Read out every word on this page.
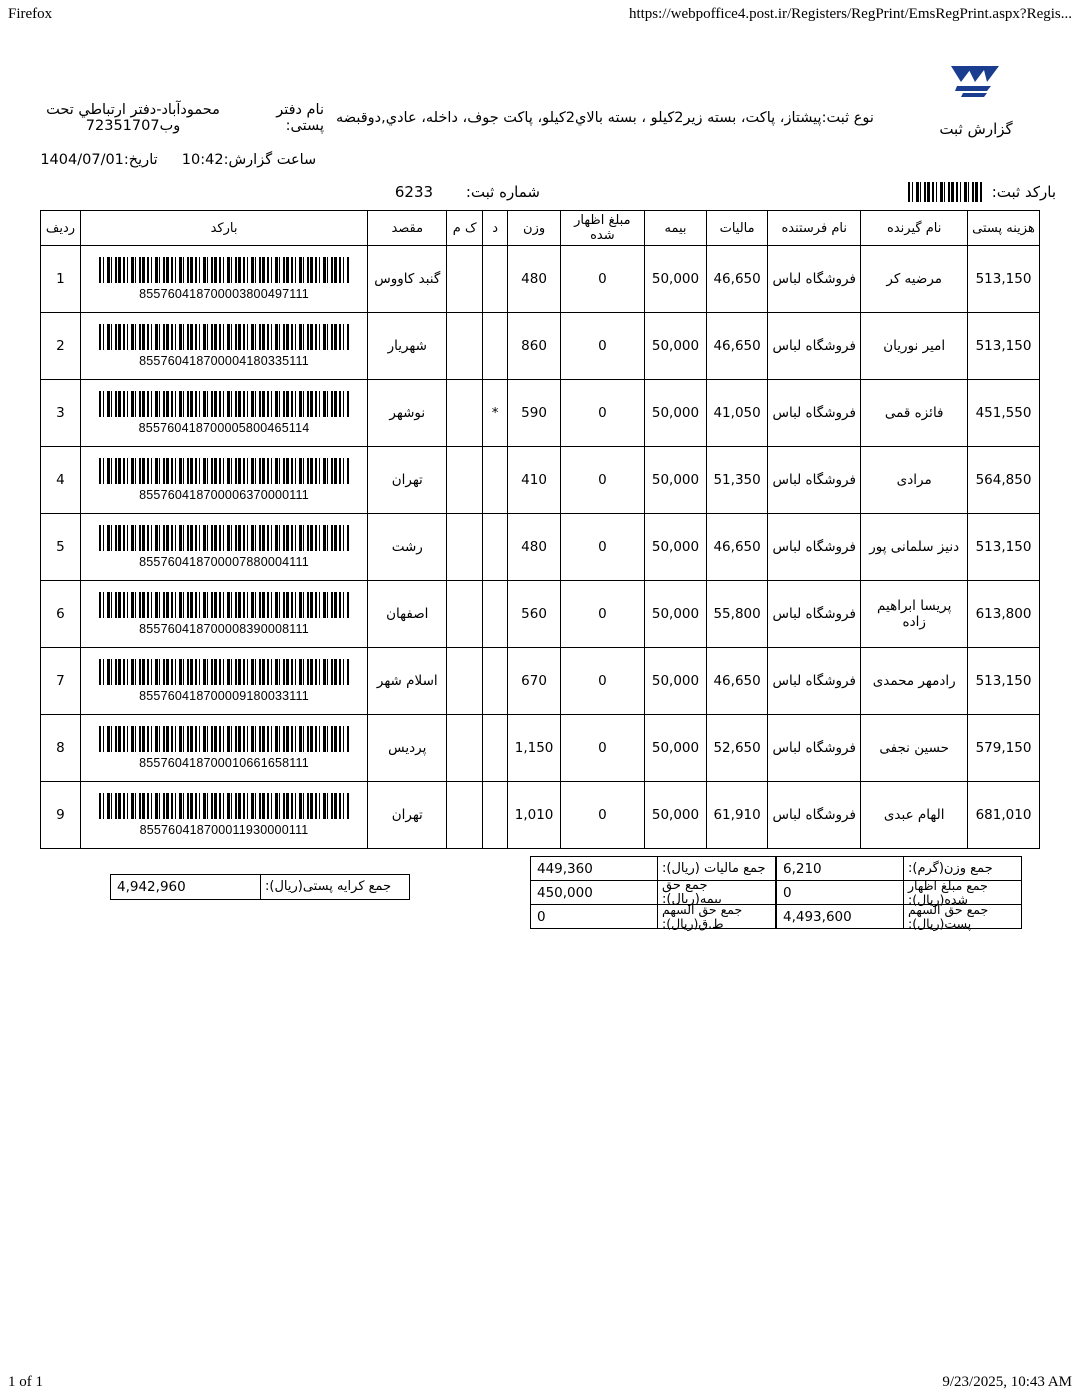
Firefox	https://webpoffice4.post.ir/Registers/RegPrint/EmsRegPrint.aspx?Regis...
گزارش ثبت
نوع ثبت:پیشتاز، پاکت، بسته زیر2کیلو ، بسته بالاي2کیلو، پاکت جوف، داخله، عادي,دوقبضه
نام دفتر پستی:
محمودآباد-دفتر ارتباطي تحت وب72351707
ساعت گزارش:10:42
تاریخ:1404/07/01
بارکد ثبت:
شماره ثبت: 6233
هزینه پستی	نام گیرنده	نام فرستنده	مالیات	بیمه	مبلغ اظهار شده	وزن	د	ک م	مقصد	بارکد	ردیف
513,150	مرضیه کر	فروشگاه لباس	46,650	50,000	0	480			گنبد کاووس	855760418700003800497111	1
513,150	امیر نوریان	فروشگاه لباس	46,650	50,000	0	860			شهریار	855760418700004180335111	2
451,550	فائزه قمی	فروشگاه لباس	41,050	50,000	0	590	*		نوشهر	855760418700005800465114	3
564,850	مرادی	فروشگاه لباس	51,350	50,000	0	410			تهران	855760418700006370000111	4
513,150	دنیز سلمانی پور	فروشگاه لباس	46,650	50,000	0	480			رشت	855760418700007880004111	5
613,800	پریسا ابراهیم زاده	فروشگاه لباس	55,800	50,000	0	560			اصفهان	855760418700008390008111	6
513,150	رادمهر محمدی	فروشگاه لباس	46,650	50,000	0	670			اسلام شهر	855760418700009180033111	7
579,150	حسین نجفی	فروشگاه لباس	52,650	50,000	0	1,150			پردیس	855760418700010661658111	8
681,010	الهام عبدی	فروشگاه لباس	61,910	50,000	0	1,010			تهران	855760418700011930000111	9
جمع وزن(گرم):
6,210
جمع مبلغ اظهار شده(ریال):
0
جمع حق السهم پست(ریال):
4,493,600
جمع مالیات (ریال):
449,360
جمع حق بیمه(ریال):
450,000
جمع حق السهم ط.ق(ریال):
0
جمع کرایه پستی(ریال):
4,942,960
1 of 1	9/23/2025, 10:43 AM
